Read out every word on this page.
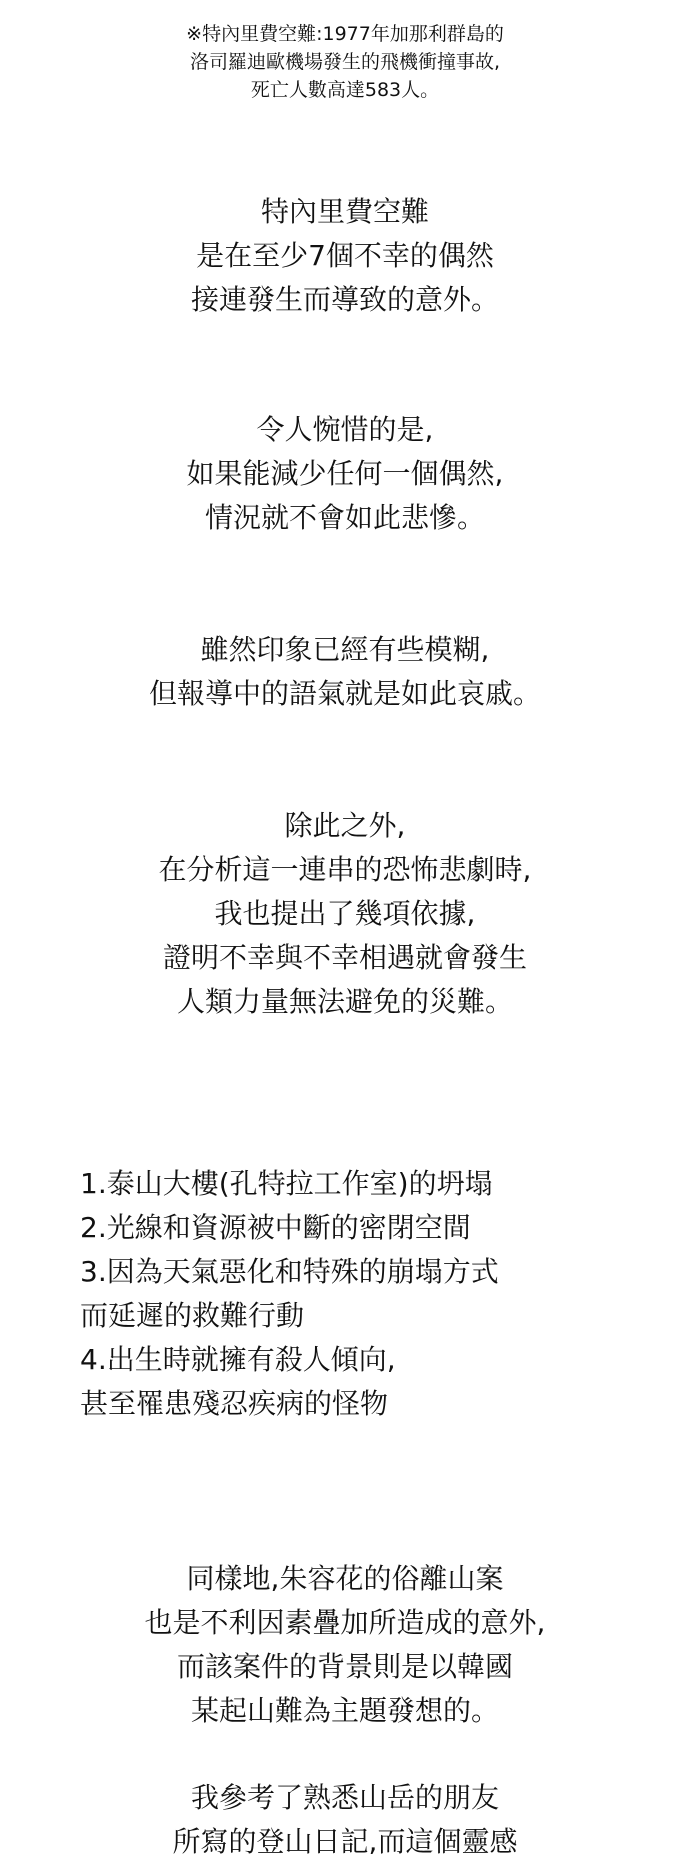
※特內里費空難:1977年加那利群島的
洛司羅迪歐機場發生的飛機衝撞事故,
死亡人數高達583人。
特內里費空難
是在至少7個不幸的偶然
接連發生而導致的意外。
令人惋惜的是,
如果能減少任何一個偶然,
情況就不會如此悲慘。
雖然印象已經有些模糊,
但報導中的語氣就是如此哀戚。
除此之外,
在分析這一連串的恐怖悲劇時,
我也提出了幾項依據,
證明不幸與不幸相遇就會發生
人類力量無法避免的災難。
1.泰山大樓(孔特拉工作室)的坍塌
2.光線和資源被中斷的密閉空間
3.因為天氣惡化和特殊的崩塌方式
而延遲的救難行動
4.出生時就擁有殺人傾向,
甚至罹患殘忍疾病的怪物
同樣地,朱容花的俗離山案
也是不利因素疊加所造成的意外,
而該案件的背景則是以韓國
某起山難為主題發想的。
我參考了熟悉山岳的朋友
所寫的登山日記,而這個靈感
